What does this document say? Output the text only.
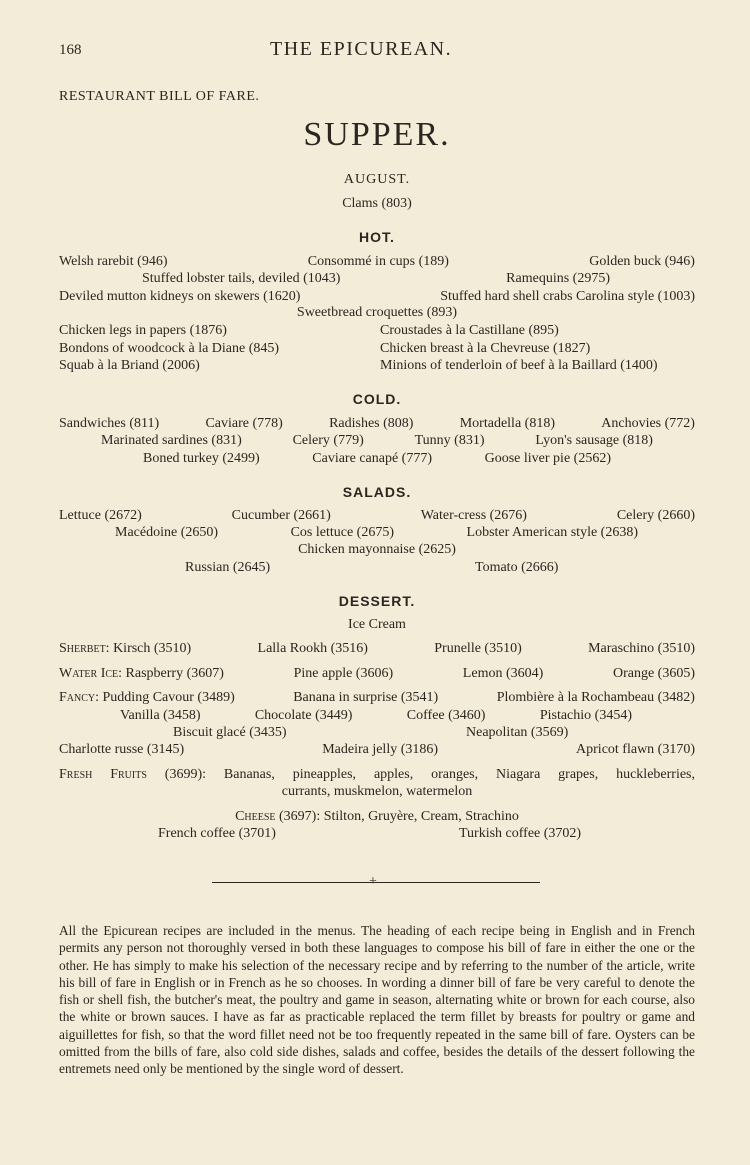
168	THE EPICUREAN.
RESTAURANT BILL OF FARE.
SUPPER.
AUGUST.
Clams (803)
HOT.
Welsh rarebit (946)	Consommé in cups (189)	Golden buck (946)
Stuffed lobster tails, deviled (1043)	Ramequins (2975)
Deviled mutton kidneys on skewers (1620)	Stuffed hard shell crabs Carolina style (1003)
Sweetbread croquettes (893)
Chicken legs in papers (1876)	Croustades à la Castillane (895)
Bondons of woodcock à la Diane (845)	Chicken breast à la Chevreuse (1827)
Squab à la Briand (2006)	Minions of tenderloin of beef à la Baillard (1400)
COLD.
Sandwiches (811)	Caviare (778)	Radishes (808)	Mortadella (818)	Anchovies (772)
Marinated sardines (831)	Celery (779)	Tunny (831)	Lyon's sausage (818)
Boned turkey (2499)	Caviare canapé (777)	Goose liver pie (2562)
SALADS.
Lettuce (2672)	Cucumber (2661)	Water-cress (2676)	Celery (2660)
Macédoine (2650)	Cos lettuce (2675)	Lobster American style (2638)
Chicken mayonnaise (2625)
Russian (2645)	Tomato (2666)
DESSERT.
Ice Cream
Sherbet: Kirsch (3510)	Lalla Rookh (3516)	Prunelle (3510)	Maraschino (3510)
Water Ice: Raspberry (3607)	Pine apple (3606)	Lemon (3604)	Orange (3605)
Fancy: Pudding Cavour (3489)	Banana in surprise (3541)	Plombière à la Rochambeau (3482)
Vanilla (3458)	Chocolate (3449)	Coffee (3460)	Pistachio (3454)
Biscuit glacé (3435)	Neapolitan (3569)
Charlotte russe (3145)	Madeira jelly (3186)	Apricot flawn (3170)
Fresh Fruits (3699): Bananas, pineapples, apples, oranges, Niagara grapes, huckleberries,
currants, muskmelon, watermelon
Cheese (3697): Stilton, Gruyère, Cream, Strachino
French coffee (3701)	Turkish coffee (3702)
+
All the Epicurean recipes are included in the menus. The heading of each recipe being in English and in French permits any person not thoroughly versed in both these languages to compose his bill of fare in either the one or the other. He has simply to make his selection of the necessary recipe and by referring to the number of the article, write his bill of fare in English or in French as he so chooses. In wording a dinner bill of fare be very careful to denote the fish or shell fish, the butcher's meat, the poultry and game in season, alternating white or brown for each course, also the white or brown sauces. I have as far as practicable replaced the term fillet by breasts for poultry or game and aiguillettes for fish, so that the word fillet need not be too frequently repeated in the same bill of fare. Oysters can be omitted from the bills of fare, also cold side dishes, salads and coffee, besides the details of the dessert following the entremets need only be mentioned by the single word of dessert.
